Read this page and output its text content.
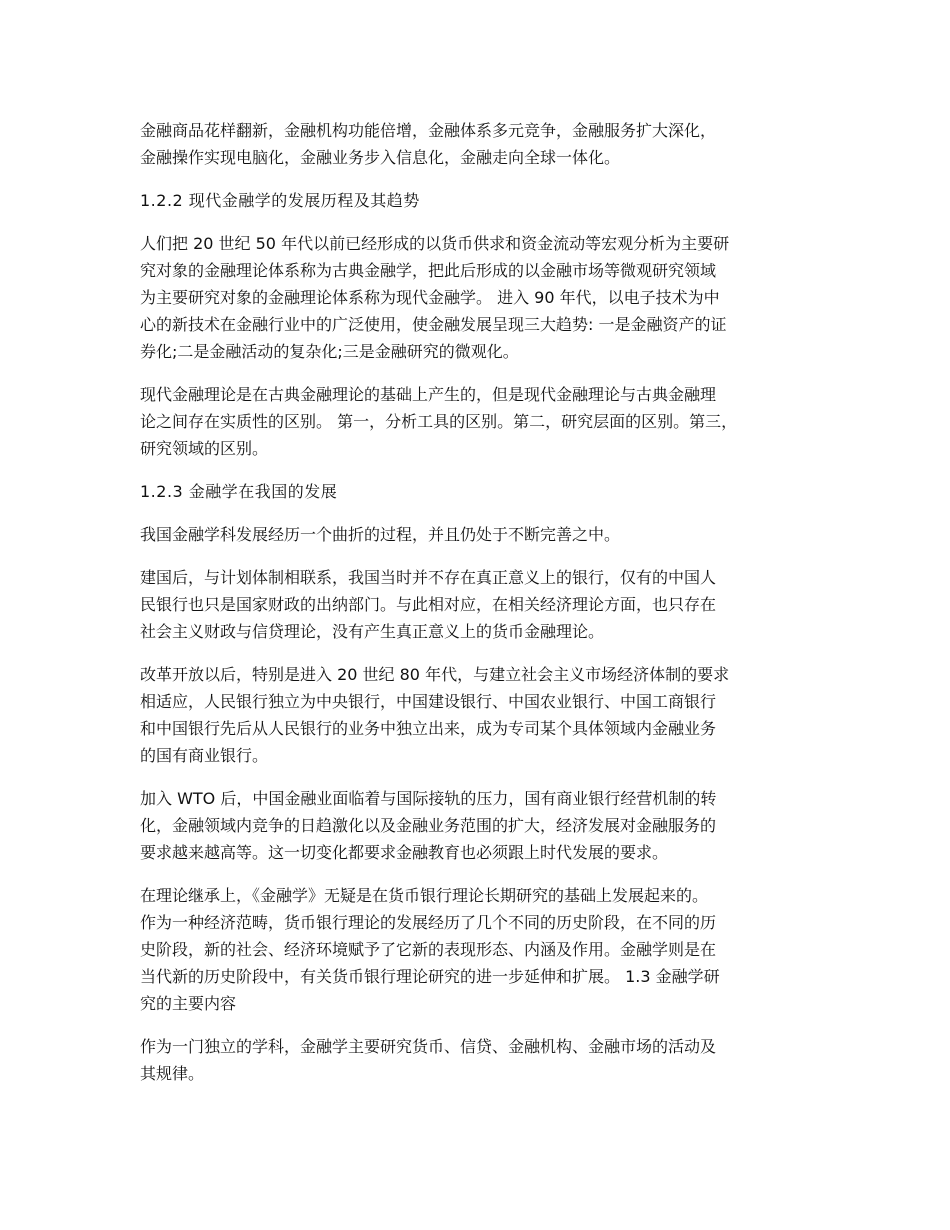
金融商品花样翻新，金融机构功能倍增，金融体系多元竞争，金融服务扩大深化，
金融操作实现电脑化，金融业务步入信息化，金融走向全球一体化。

1.2.2 现代金融学的发展历程及其趋势

人们把 20 世纪 50 年代以前已经形成的以货币供求和资金流动等宏观分析为主要研
究对象的金融理论体系称为古典金融学，把此后形成的以金融市场等微观研究领域
为主要研究对象的金融理论体系称为现代金融学。 进入 90 年代，以电子技术为中
心的新技术在金融行业中的广泛使用，使金融发展呈现三大趋势: 一是金融资产的证
券化;二是金融活动的复杂化;三是金融研究的微观化。

现代金融理论是在古典金融理论的基础上产生的，但是现代金融理论与古典金融理
论之间存在实质性的区别。 第一，分析工具的区别。第二，研究层面的区别。第三，
研究领域的区别。

1.2.3 金融学在我国的发展

我国金融学科发展经历一个曲折的过程，并且仍处于不断完善之中。

建国后，与计划体制相联系，我国当时并不存在真正意义上的银行，仅有的中国人
民银行也只是国家财政的出纳部门。与此相对应，在相关经济理论方面，也只存在
社会主义财政与信贷理论，没有产生真正意义上的货币金融理论。

改革开放以后，特别是进入 20 世纪 80 年代，与建立社会主义市场经济体制的要求
相适应，人民银行独立为中央银行，中国建设银行、中国农业银行、中国工商银行
和中国银行先后从人民银行的业务中独立出来，成为专司某个具体领域内金融业务
的国有商业银行。

加入 WTO 后，中国金融业面临着与国际接轨的压力，国有商业银行经营机制的转
化，金融领域内竞争的日趋激化以及金融业务范围的扩大，经济发展对金融服务的
要求越来越高等。这一切变化都要求金融教育也必须跟上时代发展的要求。

在理论继承上，《金融学》无疑是在货币银行理论长期研究的基础上发展起来的。
作为一种经济范畴，货币银行理论的发展经历了几个不同的历史阶段，在不同的历
史阶段，新的社会、经济环境赋予了它新的表现形态、内涵及作用。金融学则是在
当代新的历史阶段中，有关货币银行理论研究的进一步延伸和扩展。 1.3 金融学研
究的主要内容

作为一门独立的学科，金融学主要研究货币、信贷、金融机构、金融市场的活动及
其规律。
